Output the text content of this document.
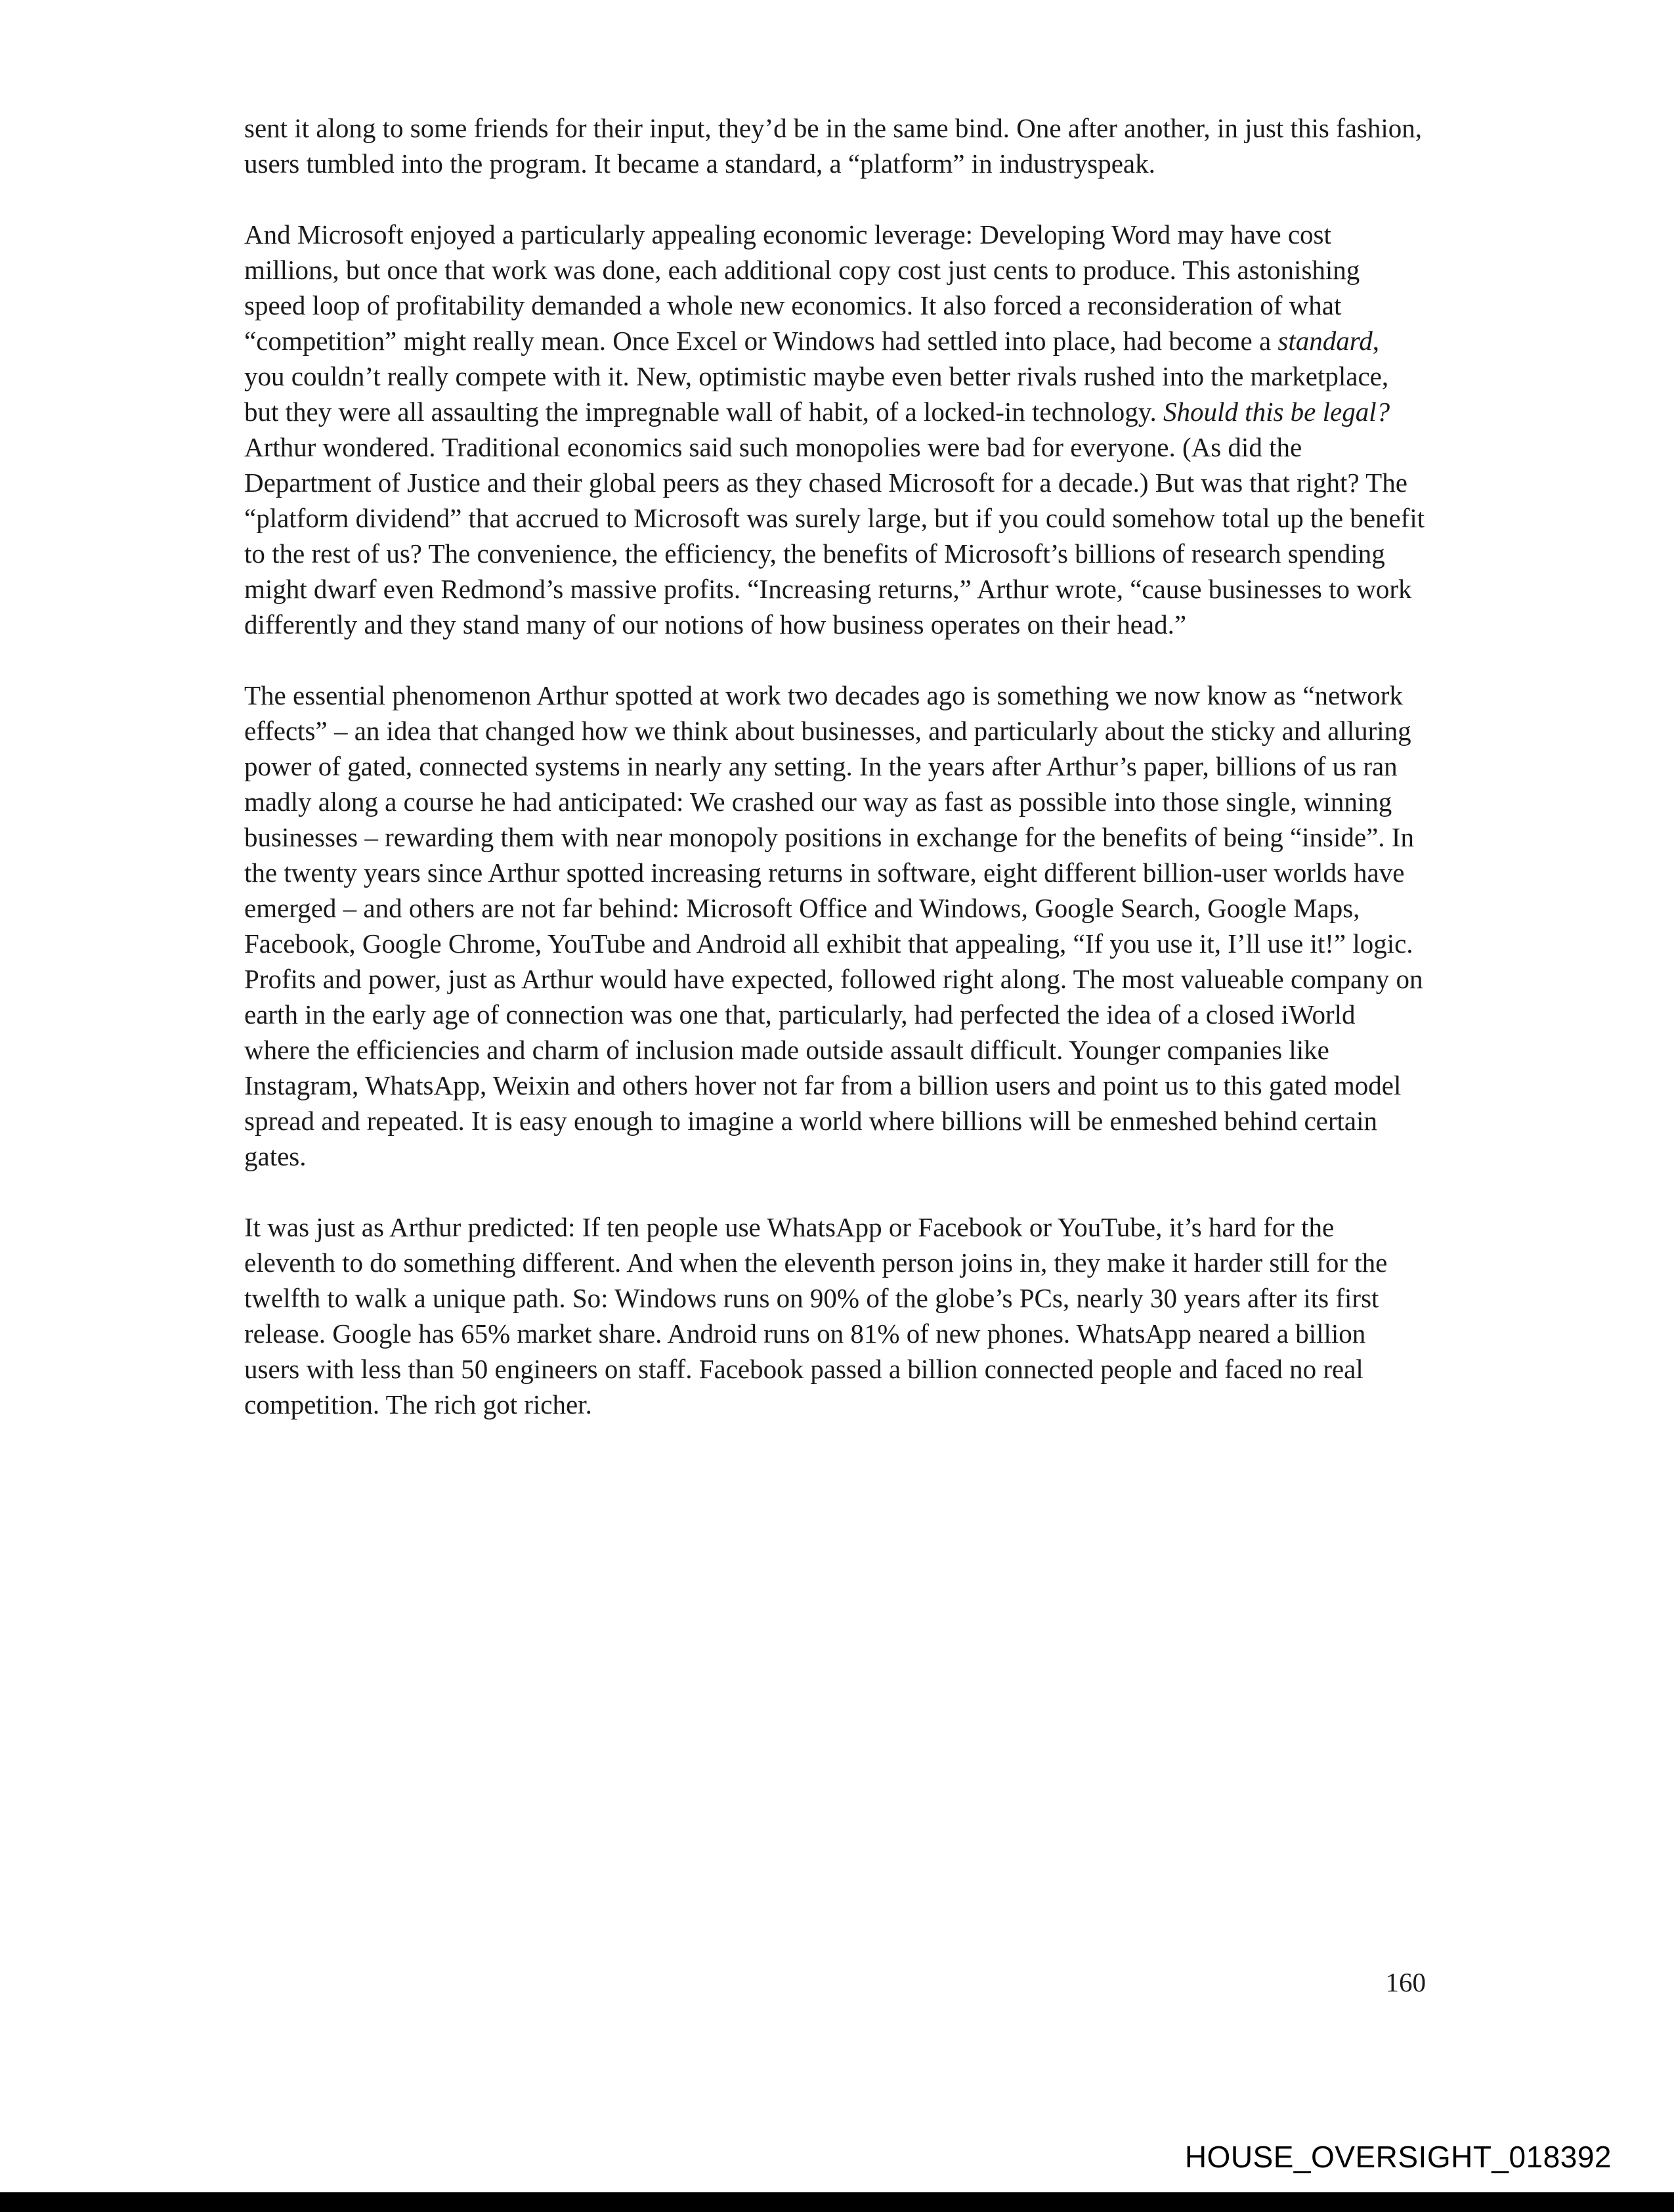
sent it along to some friends for their input, they’d be in the same bind. One after another, in just this fashion, users tumbled into the program. It became a standard, a “platform” in industryspeak.

And Microsoft enjoyed a particularly appealing economic leverage: Developing Word may have cost millions, but once that work was done, each additional copy cost just cents to produce. This astonishing speed loop of profitability demanded a whole new economics. It also forced a reconsideration of what “competition” might really mean. Once Excel or Windows had settled into place, had become a standard, you couldn’t really compete with it. New, optimistic maybe even better rivals rushed into the marketplace, but they were all assaulting the impregnable wall of habit, of a locked-in technology. Should this be legal? Arthur wondered. Traditional economics said such monopolies were bad for everyone. (As did the Department of Justice and their global peers as they chased Microsoft for a decade.) But was that right? The “platform dividend” that accrued to Microsoft was surely large, but if you could somehow total up the benefit to the rest of us? The convenience, the efficiency, the benefits of Microsoft’s billions of research spending might dwarf even Redmond’s massive profits. “Increasing returns,” Arthur wrote, “cause businesses to work differently and they stand many of our notions of how business operates on their head.”

The essential phenomenon Arthur spotted at work two decades ago is something we now know as “network effects” – an idea that changed how we think about businesses, and particularly about the sticky and alluring power of gated, connected systems in nearly any setting. In the years after Arthur’s paper, billions of us ran madly along a course he had anticipated: We crashed our way as fast as possible into those single, winning businesses – rewarding them with near monopoly positions in exchange for the benefits of being “inside”. In the twenty years since Arthur spotted increasing returns in software, eight different billion-user worlds have emerged – and others are not far behind: Microsoft Office and Windows, Google Search, Google Maps, Facebook, Google Chrome, YouTube and Android all exhibit that appealing, “If you use it, I’ll use it!” logic. Profits and power, just as Arthur would have expected, followed right along. The most valueable company on earth in the early age of connection was one that, particularly, had perfected the idea of a closed iWorld where the efficiencies and charm of inclusion made outside assault difficult. Younger companies like Instagram, WhatsApp, Weixin and others hover not far from a billion users and point us to this gated model spread and repeated. It is easy enough to imagine a world where billions will be enmeshed behind certain gates.

It was just as Arthur predicted: If ten people use WhatsApp or Facebook or YouTube, it’s hard for the eleventh to do something different. And when the eleventh person joins in, they make it harder still for the twelfth to walk a unique path. So: Windows runs on 90% of the globe’s PCs, nearly 30 years after its first release. Google has 65% market share. Android runs on 81% of new phones. WhatsApp neared a billion users with less than 50 engineers on staff. Facebook passed a billion connected people and faced no real competition. The rich got richer.

160
HOUSE_OVERSIGHT_018392
